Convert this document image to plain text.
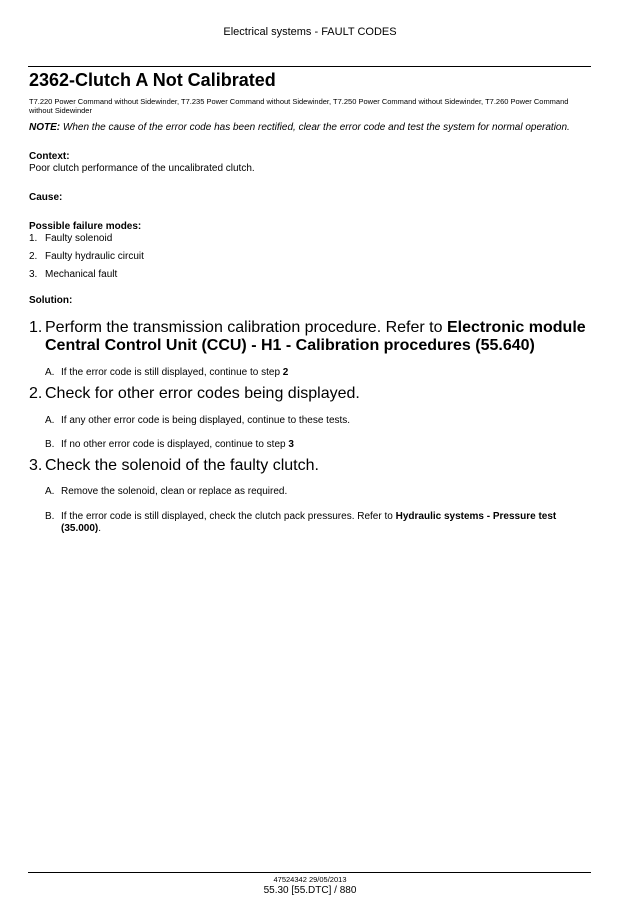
Electrical systems - FAULT CODES
2362-Clutch A Not Calibrated
T7.220 Power Command without Sidewinder, T7.235 Power Command without Sidewinder, T7.250 Power Command without Sidewinder, T7.260 Power Command without Sidewinder
NOTE: When the cause of the error code has been rectified, clear the error code and test the system for normal operation.
Context:
Poor clutch performance of the uncalibrated clutch.
Cause:
Possible failure modes:
1. Faulty solenoid
2. Faulty hydraulic circuit
3. Mechanical fault
Solution:
1. Perform the transmission calibration procedure. Refer to Electronic module Central Control Unit (CCU) - H1 - Calibration procedures (55.640)
A. If the error code is still displayed, continue to step 2
2. Check for other error codes being displayed.
A. If any other error code is being displayed, continue to these tests.
B. If no other error code is displayed, continue to step 3
3. Check the solenoid of the faulty clutch.
A. Remove the solenoid, clean or replace as required.
B. If the error code is still displayed, check the clutch pack pressures. Refer to Hydraulic systems - Pressure test (35.000).
47524342 29/05/2013
55.30 [55.DTC] / 880
